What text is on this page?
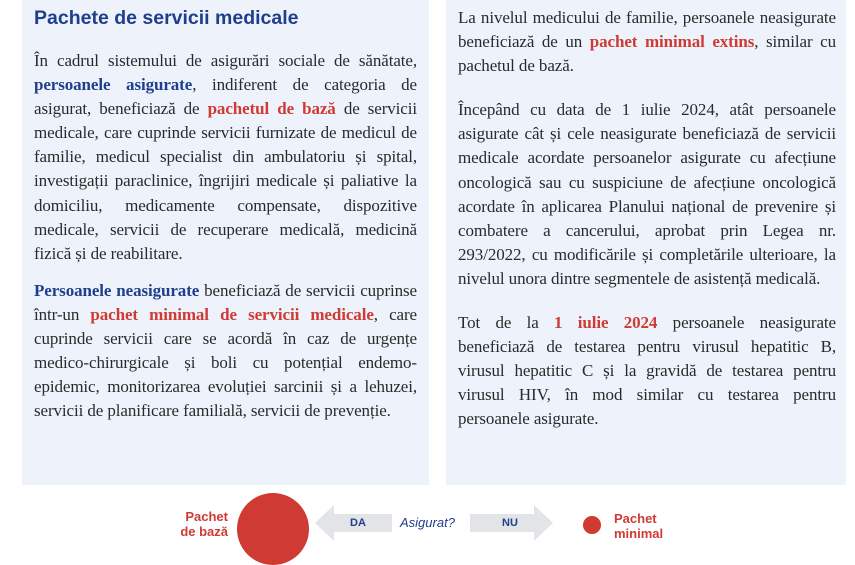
Pachete de servicii medicale

În cadrul sistemului de asigurări sociale de sănătate, persoanele asigurate, indiferent de categoria de asigurat, beneficiază de pachetul de bază de servicii medicale, care cuprinde servicii furnizate de medicul de familie, medicul specialist din ambulatoriu și spital, investigații paraclinice, îngrijiri medicale și paliative la domiciliu, medicamente compensate, dispozitive medicale, servicii de recuperare medicală, medicină fizică și de reabilitare.

Persoanele neasigurate beneficiază de servicii cuprinse într-un pachet minimal de servicii medicale, care cuprinde servicii care se acordă în caz de urgențe medico-chirurgicale și boli cu potențial endemo-epidemic, monitorizarea evoluției sarcinii și a lehuzei, servicii de planificare familială, servicii de prevenție.

La nivelul medicului de familie, persoanele neasigurate beneficiază de un pachet minimal extins, similar cu pachetul de bază.

Începând cu data de 1 iulie 2024, atât persoanele asigurate cât și cele neasigurate beneficiază de servicii medicale acordate persoanelor asigurate cu afecțiune oncologică sau cu suspiciune de afecțiune oncologică acordate în aplicarea Planului național de prevenire și combatere a cancerului, aprobat prin Legea nr. 293/2022, cu modificările și completările ulterioare, la nivelul unora dintre segmentele de asistență medicală.

Tot de la 1 iulie 2024 persoanele neasigurate beneficiază de testarea pentru virusul hepatitic B, virusul hepatitic C și la gravidă de testarea pentru virusul HIV, în mod similar cu testarea pentru persoanele asigurate.

Pachet
de bază
DA	Asigurat?	NU	Pachet
minimal
